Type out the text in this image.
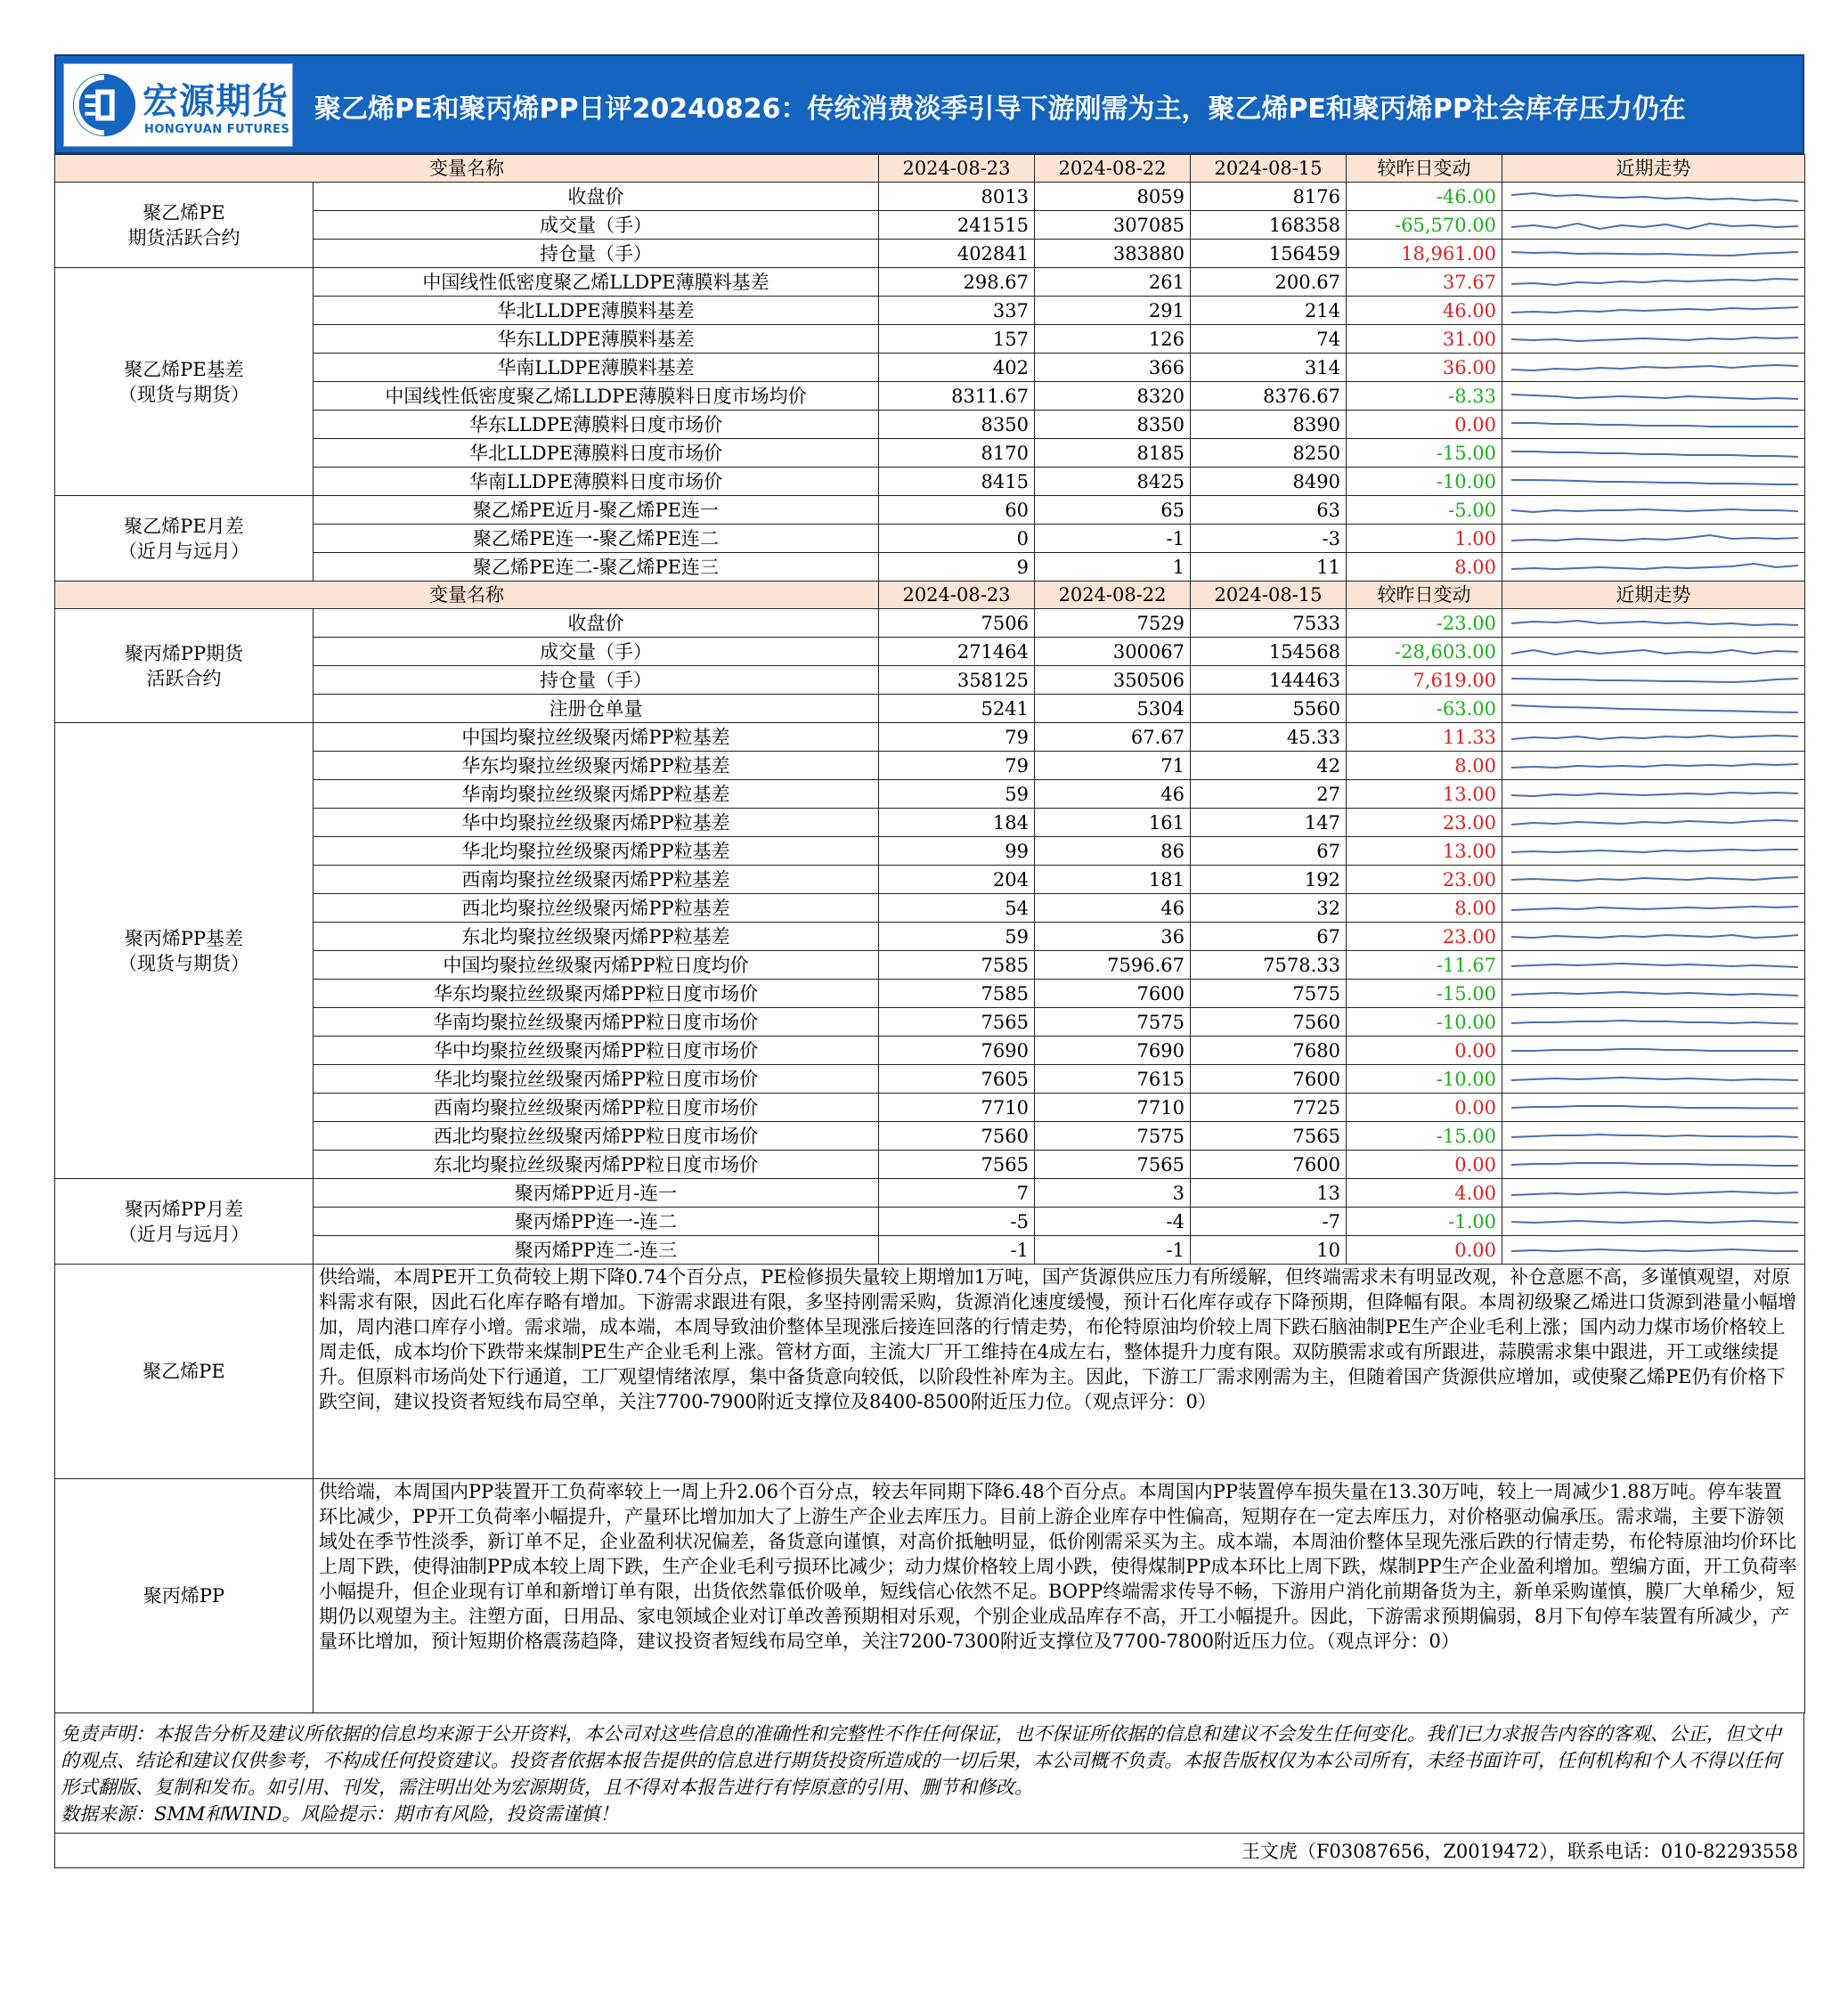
宏源期货
HONGYUAN FUTURES
聚乙烯PE和聚丙烯PP日评20240826：传统消费淡季引导下游刚需为主，聚乙烯PE和聚丙烯PP社会库存压力仍在
变量名称		2024-08-23	2024-08-22	2024-08-15	较昨日变动	近期走势

聚乙烯PE
期货活跃合约	收盘价	8013	8059	8176	-46.00	

	成交量（手）	241515	307085	168358	-65,570.00	

	持仓量（手）	402841	383880	156459	18,961.00	

聚乙烯PE基差
（现货与期货）	中国线性低密度聚乙烯LLDPE薄膜料基差	298.67	261	200.67	37.67	

	华北LLDPE薄膜料基差	337	291	214	46.00	

	华东LLDPE薄膜料基差	157	126	74	31.00	

	华南LLDPE薄膜料基差	402	366	314	36.00	

	中国线性低密度聚乙烯LLDPE薄膜料日度市场均价	8311.67	8320	8376.67	-8.33	

	华东LLDPE薄膜料日度市场价	8350	8350	8390	0.00	

	华北LLDPE薄膜料日度市场价	8170	8185	8250	-15.00	

	华南LLDPE薄膜料日度市场价	8415	8425	8490	-10.00	

聚乙烯PE月差
（近月与远月）	聚乙烯PE近月-聚乙烯PE连一	60	65	63	-5.00	

	聚乙烯PE连一-聚乙烯PE连二	0	-1	-3	1.00	

	聚乙烯PE连二-聚乙烯PE连三	9	1	11	8.00	

变量名称		2024-08-23	2024-08-22	2024-08-15	较昨日变动	近期走势

聚丙烯PP期货
活跃合约	收盘价	7506	7529	7533	-23.00	

	成交量（手）	271464	300067	154568	-28,603.00	

	持仓量（手）	358125	350506	144463	7,619.00	

	注册仓单量	5241	5304	5560	-63.00	

聚丙烯PP基差
（现货与期货）	中国均聚拉丝级聚丙烯PP粒基差	79	67.67	45.33	11.33	

	华东均聚拉丝级聚丙烯PP粒基差	79	71	42	8.00	

	华南均聚拉丝级聚丙烯PP粒基差	59	46	27	13.00	

	华中均聚拉丝级聚丙烯PP粒基差	184	161	147	23.00	

	华北均聚拉丝级聚丙烯PP粒基差	99	86	67	13.00	

	西南均聚拉丝级聚丙烯PP粒基差	204	181	192	23.00	

	西北均聚拉丝级聚丙烯PP粒基差	54	46	32	8.00	

	东北均聚拉丝级聚丙烯PP粒基差	59	36	67	23.00	

	中国均聚拉丝级聚丙烯PP粒日度均价	7585	7596.67	7578.33	-11.67	

	华东均聚拉丝级聚丙烯PP粒日度市场价	7585	7600	7575	-15.00	

	华南均聚拉丝级聚丙烯PP粒日度市场价	7565	7575	7560	-10.00	

	华中均聚拉丝级聚丙烯PP粒日度市场价	7690	7690	7680	0.00	

	华北均聚拉丝级聚丙烯PP粒日度市场价	7605	7615	7600	-10.00	

	西南均聚拉丝级聚丙烯PP粒日度市场价	7710	7710	7725	0.00	

	西北均聚拉丝级聚丙烯PP粒日度市场价	7560	7575	7565	-15.00	

	东北均聚拉丝级聚丙烯PP粒日度市场价	7565	7565	7600	0.00	

聚丙烯PP月差
（近月与远月）	聚丙烯PP近月-连一	7	3	13	4.00	

	聚丙烯PP连一-连二	-5	-4	-7	-1.00	

	聚丙烯PP连二-连三	-1	-1	10	0.00	

聚乙烯PE	供给端，本周PE开工负荷较上期下降0.74个百分点，PE检修损失量较上期增加1万吨，国产货源供应压力有所缓解，但终端需求未有明显改观，补仓意愿不高，多谨慎观望，对原料需求有限，因此石化库存略有增加。下游需求跟进有限，多坚持刚需采购，货源消化速度缓慢，预计石化库存或存下降预期，但降幅有限。本周初级聚乙烯进口货源到港量小幅增加，周内港口库存小增。需求端，成本端，本周导致油价整体呈现涨后接连回落的行情走势，布伦特原油均价较上周下跌石脑油制PE生产企业毛利上涨；国内动力煤市场价格较上周走低，成本均价下跌带来煤制PE生产企业毛利上涨。管材方面，主流大厂开工维持在4成左右，整体提升力度有限。双防膜需求或有所跟进，蒜膜需求集中跟进，开工或继续提升。但原料市场尚处下行通道，工厂观望情绪浓厚，集中备货意向较低，以阶段性补库为主。因此，下游工厂需求刚需为主，但随着国产货源供应增加，或使聚乙烯PE仍有价格下跌空间，建议投资者短线布局空单，关注7700-7900附近支撑位及8400-8500附近压力位。（观点评分：0）					
聚丙烯PP	供给端，本周国内PP装置开工负荷率较上一周上升2.06个百分点，较去年同期下降6.48个百分点。本周国内PP装置停车损失量在13.30万吨，较上一周减少1.88万吨。停车装置环比减少，PP开工负荷率小幅提升，产量环比增加加大了上游生产企业去库压力。目前上游企业库存中性偏高，短期存在一定去库压力，对价格驱动偏承压。需求端，主要下游领域处在季节性淡季，新订单不足，企业盈利状况偏差，备货意向谨慎，对高价抵触明显，低价刚需采买为主。成本端，本周油价整体呈现先涨后跌的行情走势，布伦特原油均价环比上周下跌，使得油制PP成本较上周下跌，生产企业毛利亏损环比减少；动力煤价格较上周小跌，使得煤制PP成本环比上周下跌，煤制PP生产企业盈利增加。塑编方面，开工负荷率小幅提升，但企业现有订单和新增订单有限，出货依然靠低价吸单，短线信心依然不足。BOPP终端需求传导不畅，下游用户消化前期备货为主，新单采购谨慎，膜厂大单稀少，短期仍以观望为主。注塑方面，日用品、家电领域企业对订单改善预期相对乐观，个别企业成品库存不高，开工小幅提升。因此，下游需求预期偏弱，8月下旬停车装置有所减少，产量环比增加，预计短期价格震荡趋降，建议投资者短线布局空单，关注7200-7300附近支撑位及7700-7800附近压力位。（观点评分：0）					
免责声明：本报告分析及建议所依据的信息均来源于公开资料，本公司对这些信息的准确性和完整性不作任何保证，也不保证所依据的信息和建议不会发生任何变化。我们已力求报告内容的客观、公正，但文中的观点、结论和建议仅供参考，不构成任何投资建议。投资者依据本报告提供的信息进行期货投资所造成的一切后果，本公司概不负责。本报告版权仅为本公司所有，未经书面许可，任何机构和个人不得以任何形式翻版、复制和发布。如引用、刊发，需注明出处为宏源期货，且不得对本报告进行有悖原意的引用、删节和修改。
数据来源：SMM和WIND。风险提示：期市有风险，投资需谨慎！
王文虎（F03087656，Z0019472），联系电话：010-82293558
